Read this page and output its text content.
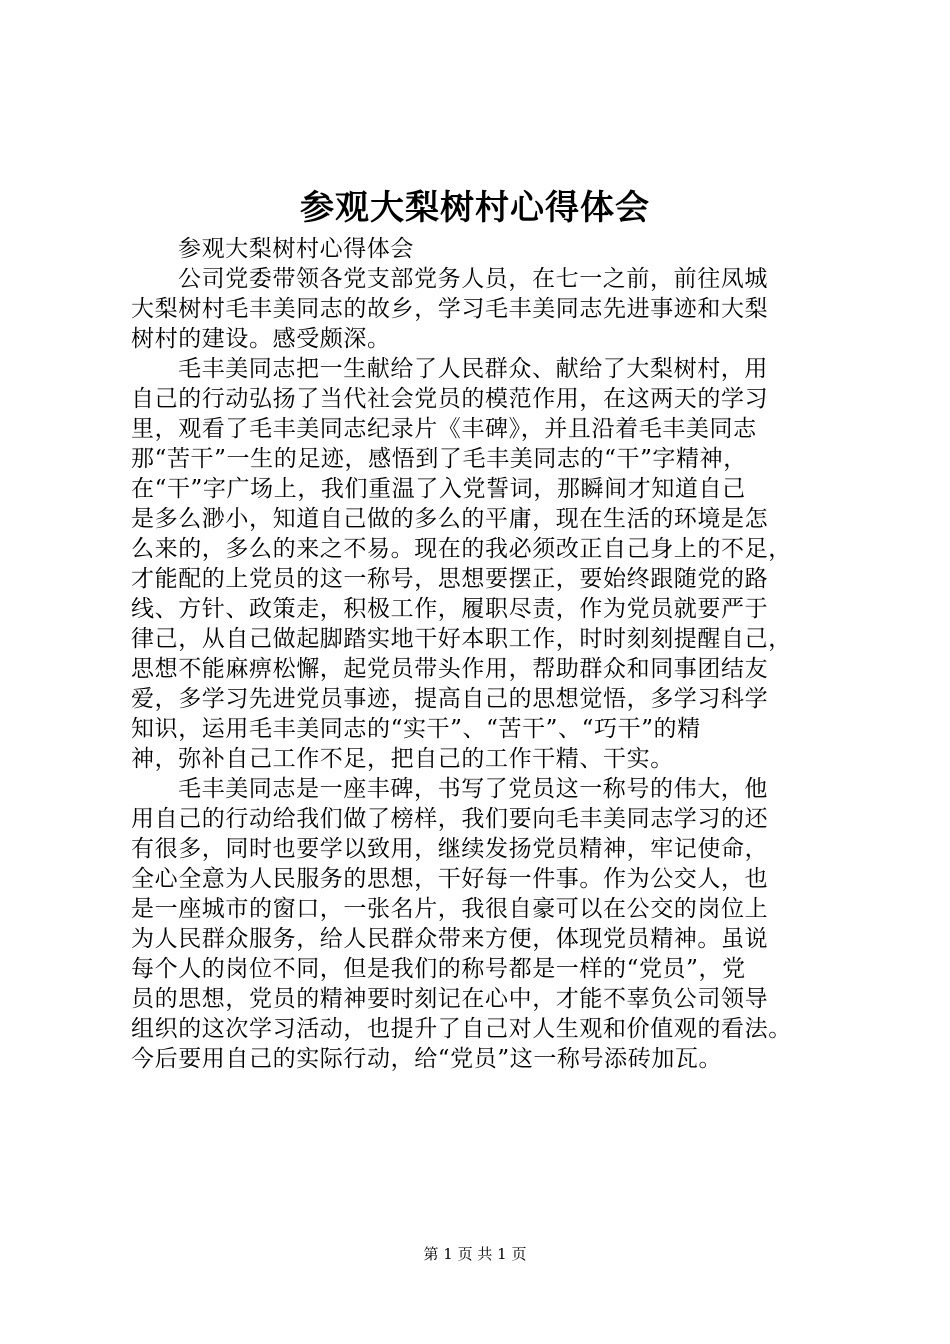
参观大梨树村心得体会
参观大梨树村心得体会
公司党委带领各党支部党务人员，在七一之前，前往凤城
大梨树村毛丰美同志的故乡，学习毛丰美同志先进事迹和大梨
树村的建设。感受颇深。
毛丰美同志把一生献给了人民群众、献给了大梨树村，用
自己的行动弘扬了当代社会党员的模范作用，在这两天的学习
里，观看了毛丰美同志纪录片《丰碑》，并且沿着毛丰美同志
那“苦干”一生的足迹，感悟到了毛丰美同志的“干”字精神，
在“干”字广场上，我们重温了入党誓词，那瞬间才知道自己
是多么渺小，知道自己做的多么的平庸，现在生活的环境是怎
么来的，多么的来之不易。现在的我必须改正自己身上的不足，
才能配的上党员的这一称号，思想要摆正，要始终跟随党的路
线、方针、政策走，积极工作，履职尽责，作为党员就要严于
律己，从自己做起脚踏实地干好本职工作，时时刻刻提醒自己，
思想不能麻痹松懈，起党员带头作用，帮助群众和同事团结友
爱，多学习先进党员事迹，提高自己的思想觉悟，多学习科学
知识，运用毛丰美同志的“实干”、“苦干”、“巧干”的精
神，弥补自己工作不足，把自己的工作干精、干实。
毛丰美同志是一座丰碑，书写了党员这一称号的伟大，他
用自己的行动给我们做了榜样，我们要向毛丰美同志学习的还
有很多，同时也要学以致用，继续发扬党员精神，牢记使命，
全心全意为人民服务的思想，干好每一件事。作为公交人，也
是一座城市的窗口，一张名片，我很自豪可以在公交的岗位上
为人民群众服务，给人民群众带来方便，体现党员精神。虽说
每个人的岗位不同，但是我们的称号都是一样的“党员”，党
员的思想，党员的精神要时刻记在心中，才能不辜负公司领导
组织的这次学习活动，也提升了自己对人生观和价值观的看法。
今后要用自己的实际行动，给“党员”这一称号添砖加瓦。
第 1 页 共 1 页
